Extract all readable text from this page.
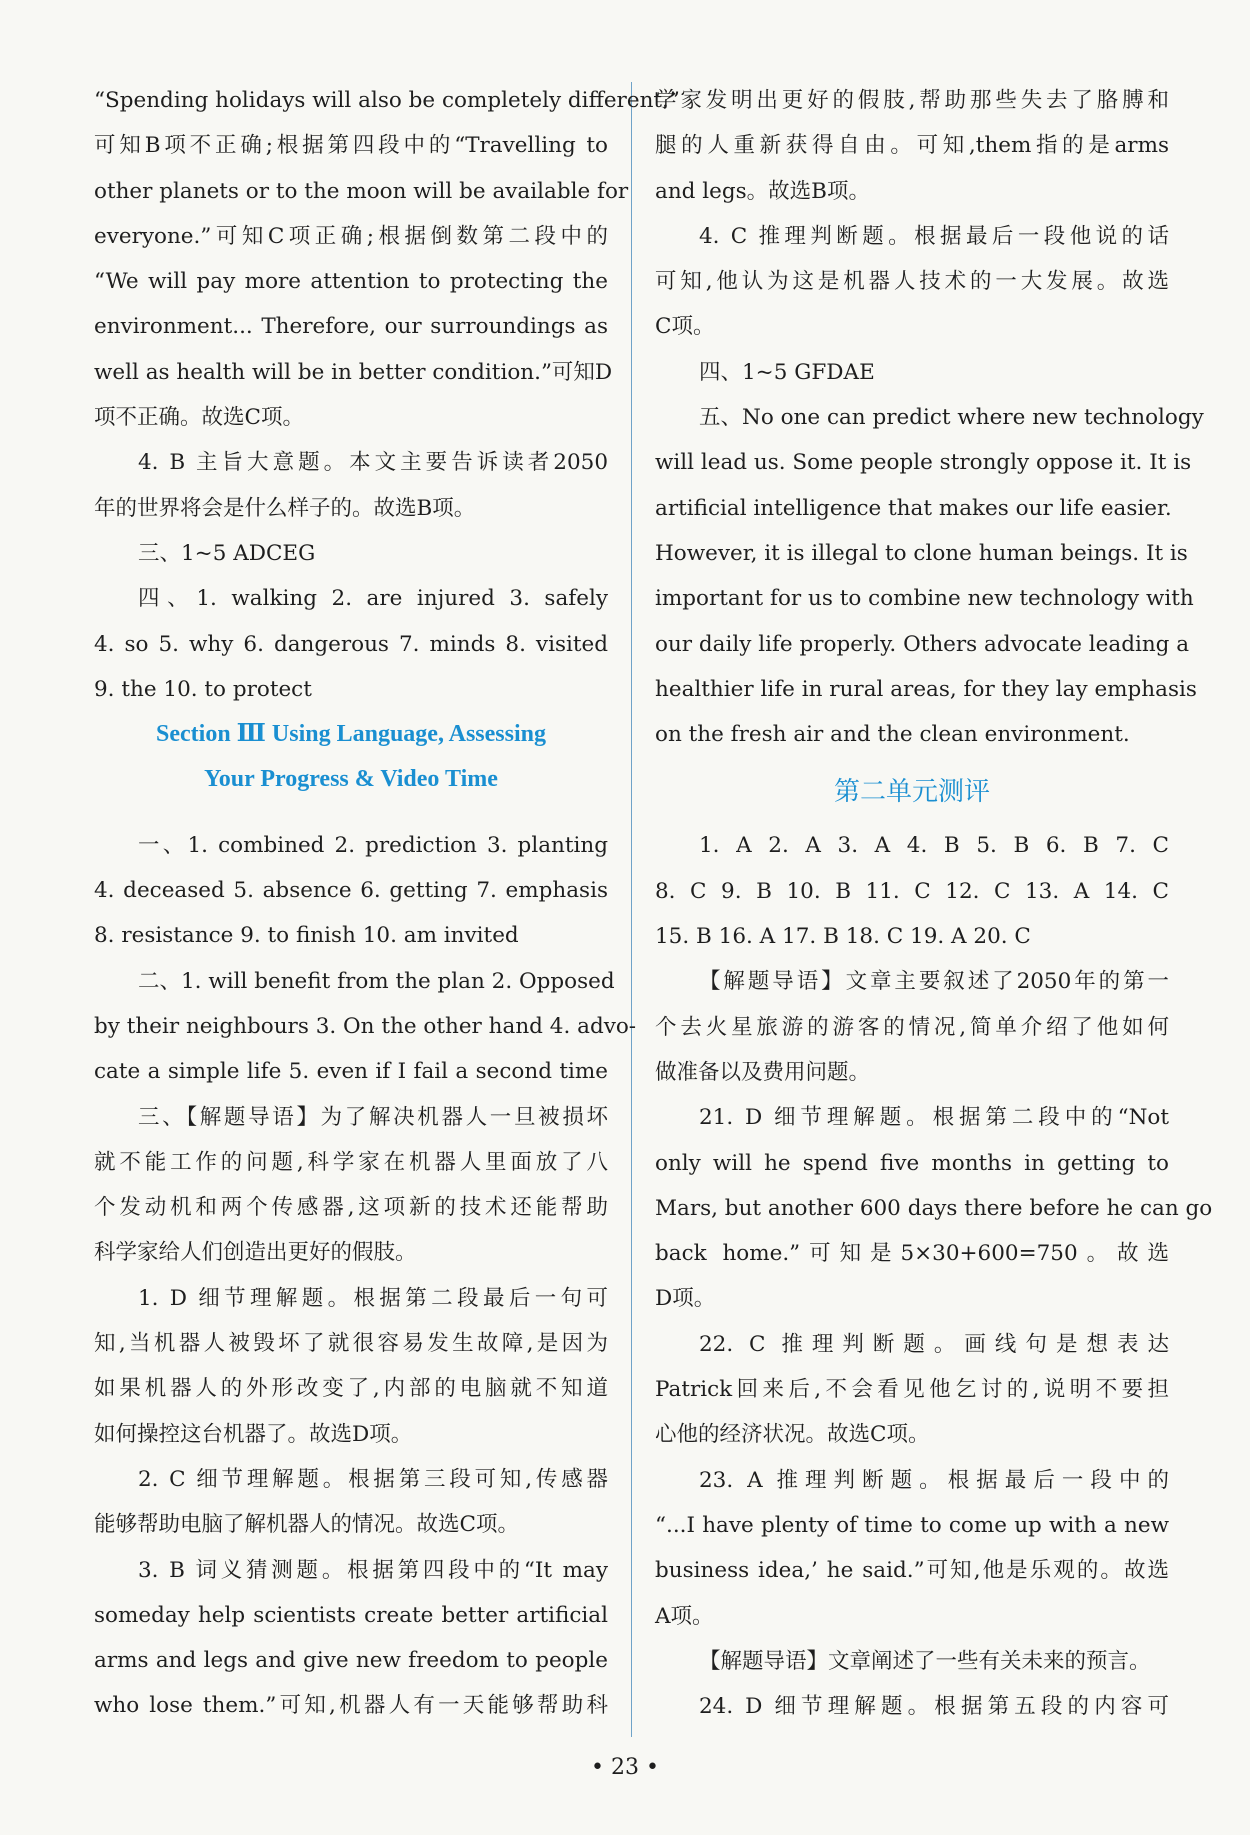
“Spending holidays will also be completely different.”
可知B项不正确;根据第四段中的“Travelling to
other planets or to the moon will be available for
everyone.”可知C项正确;根据倒数第二段中的
“We will pay more attention to protecting the
environment... Therefore, our surroundings as
well as health will be in better condition.”可知D
项不正确。故选C项。
4. B 主旨大意题。本文主要告诉读者2050
年的世界将会是什么样子的。故选B项。
三、1~5 ADCEG
四、1. walking 2. are injured 3. safely
4. so 5. why 6. dangerous 7. minds 8. visited
9. the 10. to protect
Section Ⅲ Using Language, Assessing
Your Progress & Video Time
一、1. combined 2. prediction 3. planting
4. deceased 5. absence 6. getting 7. emphasis
8. resistance 9. to finish 10. am invited
二、1. will benefit from the plan 2. Opposed
by their neighbours 3. On the other hand 4. advo-
cate a simple life 5. even if I fail a second time
三、【解题导语】为了解决机器人一旦被损坏
就不能工作的问题,科学家在机器人里面放了八
个发动机和两个传感器,这项新的技术还能帮助
科学家给人们创造出更好的假肢。
1. D 细节理解题。根据第二段最后一句可
知,当机器人被毁坏了就很容易发生故障,是因为
如果机器人的外形改变了,内部的电脑就不知道
如何操控这台机器了。故选D项。
2. C 细节理解题。根据第三段可知,传感器
能够帮助电脑了解机器人的情况。故选C项。
3. B 词义猜测题。根据第四段中的“It may
someday help scientists create better artificial
arms and legs and give new freedom to people
who lose them.”可知,机器人有一天能够帮助科
学家发明出更好的假肢,帮助那些失去了胳膊和
腿的人重新获得自由。可知,them指的是arms
and legs。故选B项。
4. C 推理判断题。根据最后一段他说的话
可知,他认为这是机器人技术的一大发展。故选
C项。
四、1~5 GFDAE
五、No one can predict where new technology
will lead us. Some people strongly oppose it. It is
artificial intelligence that makes our life easier.
However, it is illegal to clone human beings. It is
important for us to combine new technology with
our daily life properly. Others advocate leading a
healthier life in rural areas, for they lay emphasis
on the fresh air and the clean environment.
第二单元测评
1. A 2. A 3. A 4. B 5. B 6. B 7. C
8. C 9. B 10. B 11. C 12. C 13. A 14. C
15. B 16. A 17. B 18. C 19. A 20. C
【解题导语】文章主要叙述了2050年的第一
个去火星旅游的游客的情况,简单介绍了他如何
做准备以及费用问题。
21. D 细节理解题。根据第二段中的“Not
only will he spend five months in getting to
Mars, but another 600 days there before he can go
back home.”可知是5×30+600=750。故选
D项。
22. C 推理判断题。画线句是想表达
Patrick回来后,不会看见他乞讨的,说明不要担
心他的经济状况。故选C项。
23. A 推理判断题。根据最后一段中的
“...I have plenty of time to come up with a new
business idea,’ he said.”可知,他是乐观的。故选
A项。
【解题导语】文章阐述了一些有关未来的预言。
24. D 细节理解题。根据第五段的内容可
• 23 •
